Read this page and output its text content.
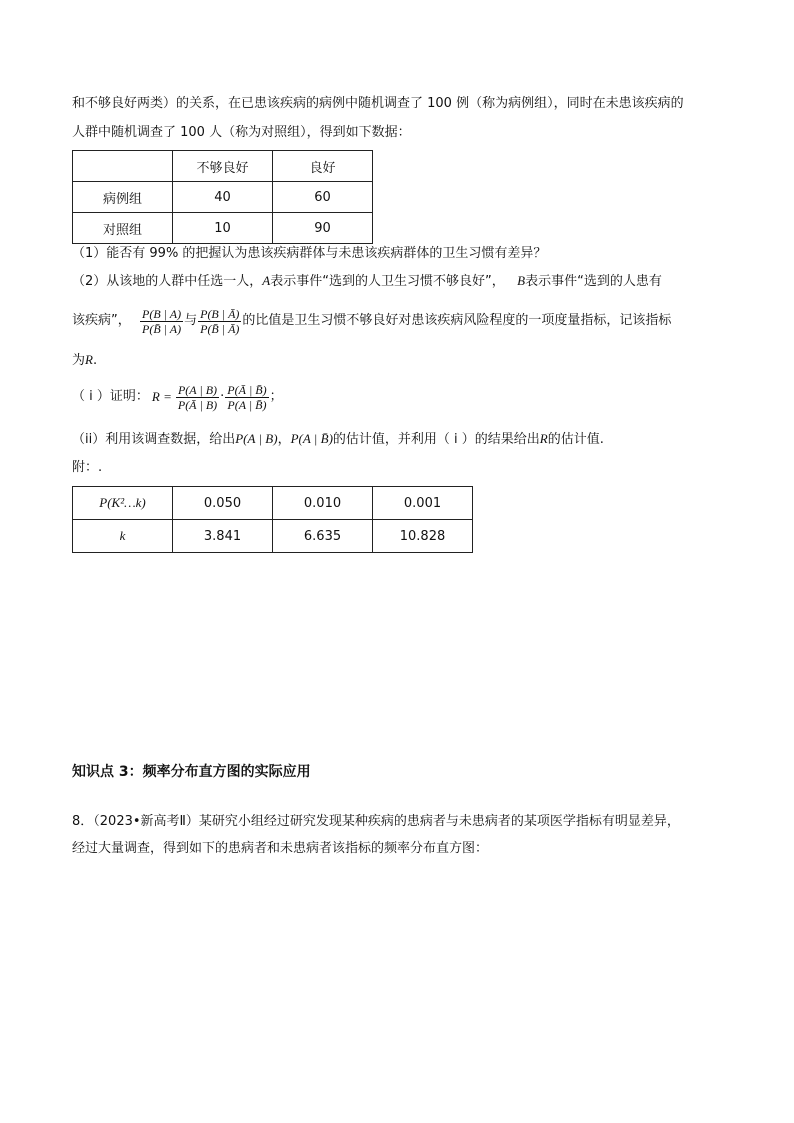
和不够良好两类）的关系，在已患该疾病的病例中随机调查了 100 例（称为病例组），同时在未患该疾病的
人群中随机调查了 100 人（称为对照组），得到如下数据：
	不够良好	良好
病例组	40	60
对照组	10	90
（1）能否有 99% 的把握认为患该疾病群体与未患该疾病群体的卫生习惯有差异？
（2）从该地的人群中任选一人，A表示事件“选到的人卫生习惯不够良好”， B表示事件“选到的人患有
该疾病”，
$\frac{P(B | A)}{P(B̄ | A)}$ 与 $\frac{P(B | Ā)}{P(B̄ | Ā)}$ 的比值是卫生习惯不够良好对患该疾病风险程度的一项度量指标，记该指标
为R.
（ i ）证明： $R = \frac{P(A | B)}{P(Ā | B)} \cdot \frac{P(Ā | B̄)}{P(A | B̄)}$ ；
（ii）利用该调查数据，给出P(A | B)，P(A | B̄)的估计值，并利用（ i ）的结果给出R的估计值.
附：.
P(K²…k)	0.050	0.010	0.001
k	3.841	6.635	10.828
知识点 3：频率分布直方图的实际应用
8．（2023•新高考Ⅱ）某研究小组经过研究发现某种疾病的患病者与未患病者的某项医学指标有明显差异，
经过大量调查，得到如下的患病者和未患病者该指标的频率分布直方图：
